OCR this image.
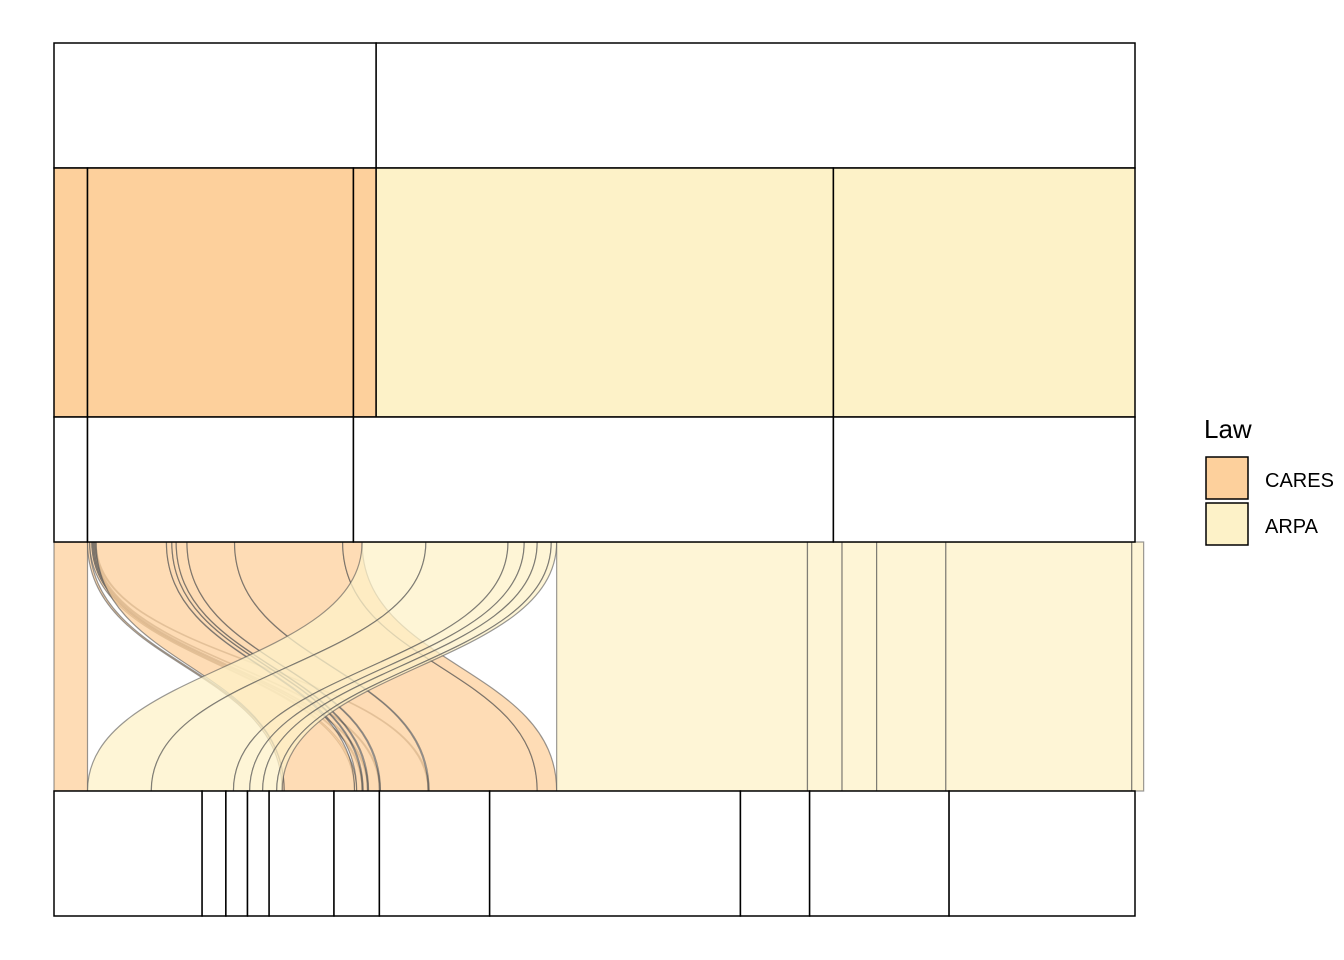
Law
CARES
ARPA
